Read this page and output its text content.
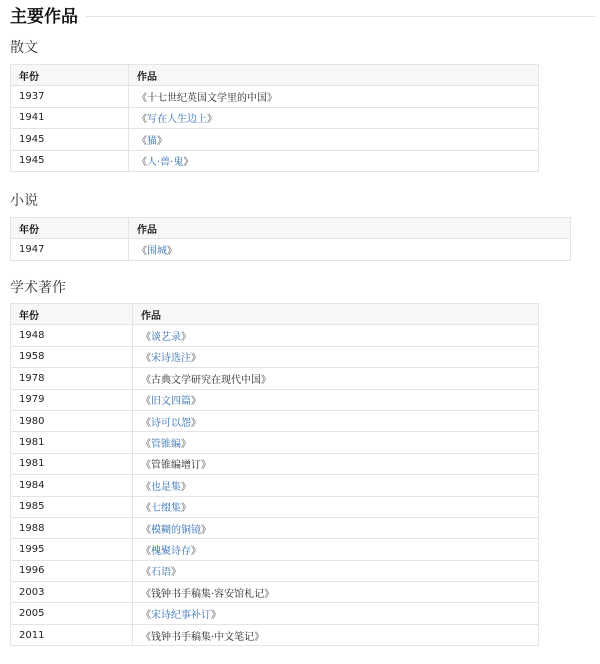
主要作品
散文
年份	作品
1937	《十七世纪英国文学里的中国》
1941	《写在人生边上》
1945	《猫》
1945	《人·兽·鬼》
小说
年份	作品
1947	《围城》
学术著作
年份	作品
1948	《谈艺录》
1958	《宋诗选注》
1978	《古典文学研究在现代中国》
1979	《旧文四篇》
1980	《诗可以怨》
1981	《管锥编》
1981	《管锥编增订》
1984	《也是集》
1985	《七缀集》
1988	《模糊的铜镜》
1995	《槐聚诗存》
1996	《石语》
2003	《钱钟书手稿集·容安馆札记》
2005	《宋诗纪事补订》
2011	《钱钟书手稿集·中文笔记》
